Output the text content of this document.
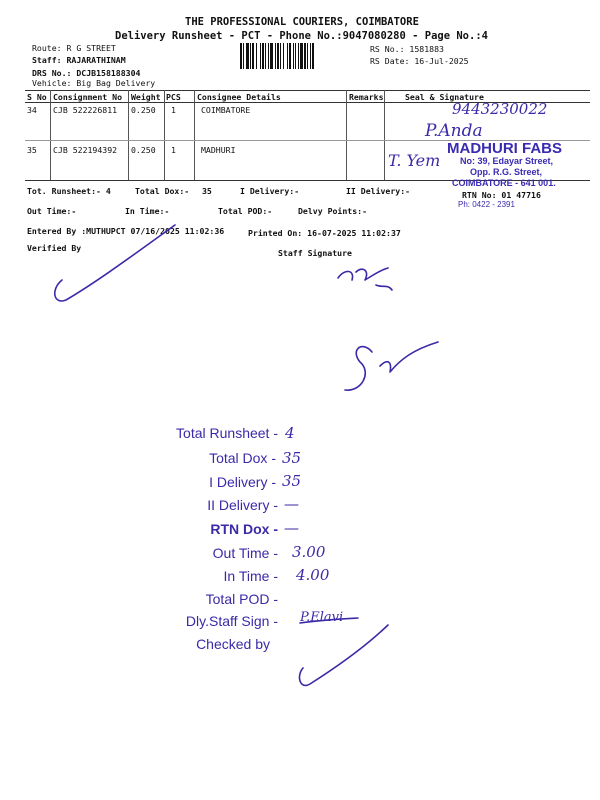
THE PROFESSIONAL COURIERS, COIMBATORE
Delivery Runsheet - PCT - Phone No.:9047080280 - Page No.:4
Route: R G STREET
Staff: RAJARATHINAM
DRS No.: DCJB158188304
Vehicle: Big Bag Delivery
RS No.: 1581883
RS Date: 16-Jul-2025
S No Consignment No Weight PCS Consignee Details	Remarks	Seal & Signature
34 CJB 522226811 0.250 1	COIMBATORE
35 CJB 522194392 0.250 1	MADHURI
Tot. Runsheet:- 4	Total Dox:- 35	I Delivery:-	II Delivery:-
Out Time:-	In Time:-	Total POD:-	Delvy Points:-
Entered By :MUTHUPCT 07/16/2025 11:02:36	Printed On: 16-07-2025 11:02:37
Verified By	Staff Signature
9443230022
P.Anda
T. Yem
MADHURI FABS
No: 39, Edayar Street,
Opp. R.G. Street,
COIMBATORE - 641 001.
Ph: 0422 - 2391
RTN No: 01 47716
Total Runsheet - 4
Total Dox - 35
I Delivery - 35
II Delivery - —
RTN Dox - —
Out Time - 3.00
In Time - 4.00
Total POD -
Dly.Staff Sign - P.Elavi
Checked by
